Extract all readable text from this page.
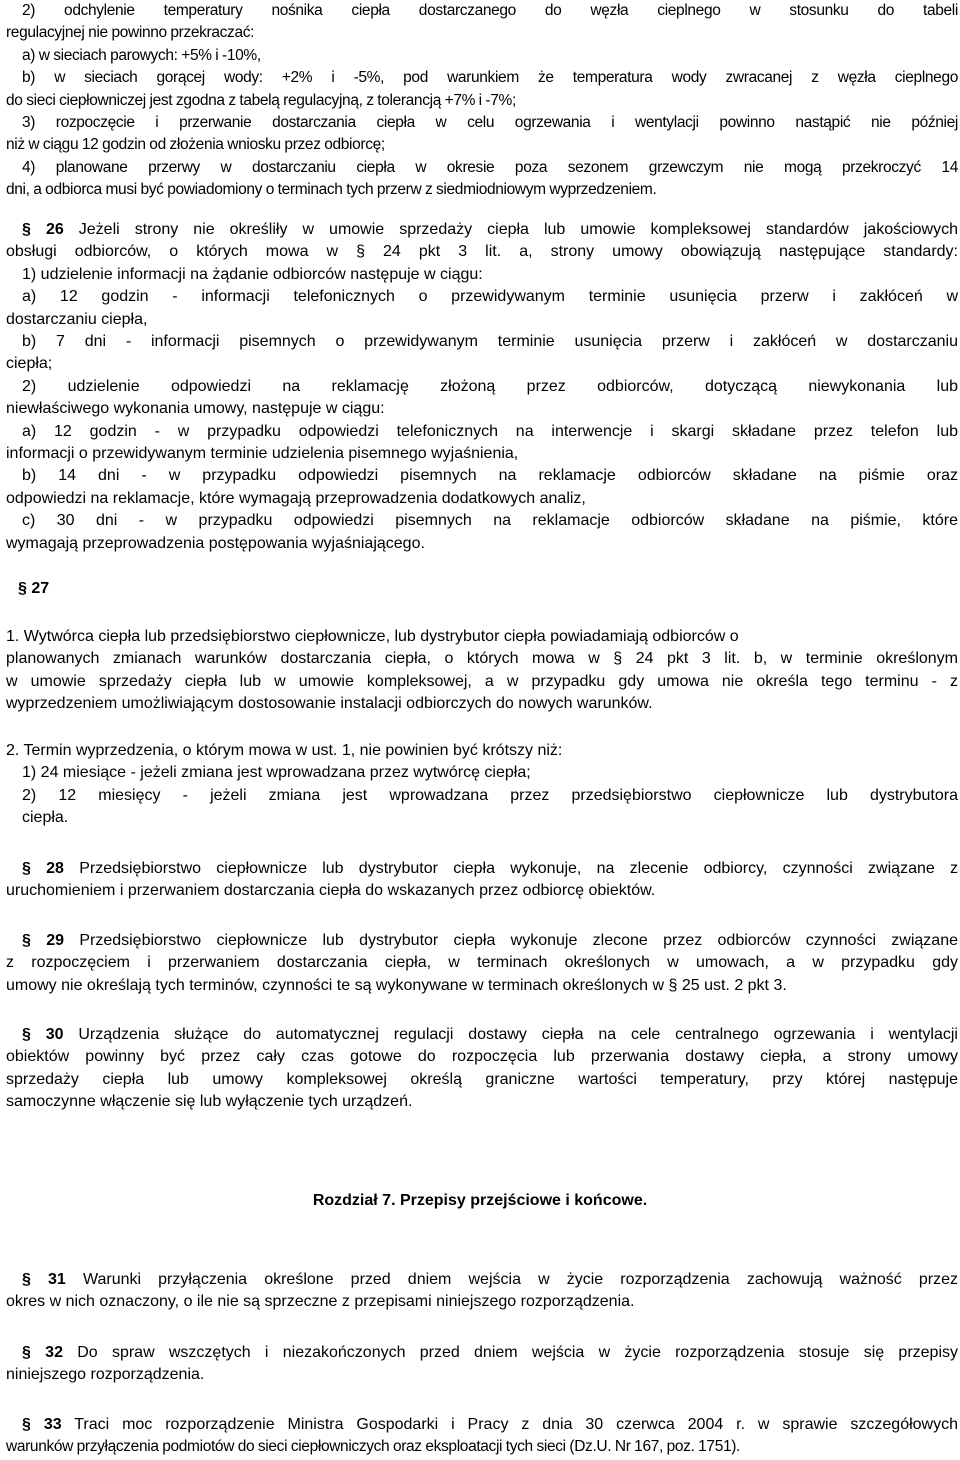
2) odchylenie temperatury nośnika ciepła dostarczanego do węzła cieplnego w stosunku do tabeli
regulacyjnej nie powinno przekraczać:
a) w sieciach parowych: +5% i -10%,
b) w sieciach gorącej wody: +2% i -5%, pod warunkiem że temperatura wody zwracanej z węzła cieplnego
do sieci ciepłowniczej jest zgodna z tabelą regulacyjną, z tolerancją +7% i -7%;
3) rozpoczęcie i przerwanie dostarczania ciepła w celu ogrzewania i wentylacji powinno nastąpić nie później
niż w ciągu 12 godzin od złożenia wniosku przez odbiorcę;
4) planowane przerwy w dostarczaniu ciepła w okresie poza sezonem grzewczym nie mogą przekroczyć 14
dni, a odbiorca musi być powiadomiony o terminach tych przerw z siedmiodniowym wyprzedzeniem.
§ 26 Jeżeli strony nie określiły w umowie sprzedaży ciepła lub umowie kompleksowej standardów jakościowych
obsługi odbiorców, o których mowa w § 24 pkt 3 lit. a, strony umowy obowiązują następujące standardy:
1) udzielenie informacji na żądanie odbiorców następuje w ciągu:
a) 12 godzin - informacji telefonicznych o przewidywanym terminie usunięcia przerw i zakłóceń w
dostarczaniu ciepła,
b) 7 dni - informacji pisemnych o przewidywanym terminie usunięcia przerw i zakłóceń w dostarczaniu
ciepła;
2) udzielenie odpowiedzi na reklamację złożoną przez odbiorców, dotyczącą niewykonania lub
niewłaściwego wykonania umowy, następuje w ciągu:
a) 12 godzin - w przypadku odpowiedzi telefonicznych na interwencje i skargi składane przez telefon lub
informacji o przewidywanym terminie udzielenia pisemnego wyjaśnienia,
b) 14 dni - w przypadku odpowiedzi pisemnych na reklamacje odbiorców składane na piśmie oraz
odpowiedzi na reklamacje, które wymagają przeprowadzenia dodatkowych analiz,
c) 30 dni - w przypadku odpowiedzi pisemnych na reklamacje odbiorców składane na piśmie, które
wymagają przeprowadzenia postępowania wyjaśniającego.

§ 27

1. Wytwórca ciepła lub przedsiębiorstwo ciepłownicze, lub dystrybutor ciepła powiadamiają odbiorców o
planowanych zmianach warunków dostarczania ciepła, o których mowa w § 24 pkt 3 lit. b, w terminie określonym
w umowie sprzedaży ciepła lub w umowie kompleksowej, a w przypadku gdy umowa nie określa tego terminu - z
wyprzedzeniem umożliwiającym dostosowanie instalacji odbiorczych do nowych warunków.
2. Termin wyprzedzenia, o którym mowa w ust. 1, nie powinien być krótszy niż:
1) 24 miesiące - jeżeli zmiana jest wprowadzana przez wytwórcę ciepła;
2) 12 miesięcy - jeżeli zmiana jest wprowadzana przez przedsiębiorstwo ciepłownicze lub dystrybutora
ciepła.
§ 28 Przedsiębiorstwo ciepłownicze lub dystrybutor ciepła wykonuje, na zlecenie odbiorcy, czynności związane z
uruchomieniem i przerwaniem dostarczania ciepła do wskazanych przez odbiorcę obiektów.
§ 29 Przedsiębiorstwo ciepłownicze lub dystrybutor ciepła wykonuje zlecone przez odbiorców czynności związane
z rozpoczęciem i przerwaniem dostarczania ciepła, w terminach określonych w umowach, a w przypadku gdy
umowy nie określają tych terminów, czynności te są wykonywane w terminach określonych w § 25 ust. 2 pkt 3.
§ 30 Urządzenia służące do automatycznej regulacji dostawy ciepła na cele centralnego ogrzewania i wentylacji
obiektów powinny być przez cały czas gotowe do rozpoczęcia lub przerwania dostawy ciepła, a strony umowy
sprzedaży ciepła lub umowy kompleksowej określą graniczne wartości temperatury, przy której następuje
samoczynne włączenie się lub wyłączenie tych urządzeń.

Rozdział 7. Przepisy przejściowe i końcowe.

§ 31 Warunki przyłączenia określone przed dniem wejścia w życie rozporządzenia zachowują ważność przez
okres w nich oznaczony, o ile nie są sprzeczne z przepisami niniejszego rozporządzenia.
§ 32 Do spraw wszczętych i niezakończonych przed dniem wejścia w życie rozporządzenia stosuje się przepisy
niniejszego rozporządzenia.
§ 33 Traci moc rozporządzenie Ministra Gospodarki i Pracy z dnia 30 czerwca 2004 r. w sprawie szczegółowych
warunków przyłączenia podmiotów do sieci ciepłowniczych oraz eksploatacji tych sieci (Dz.U. Nr 167, poz. 1751).
